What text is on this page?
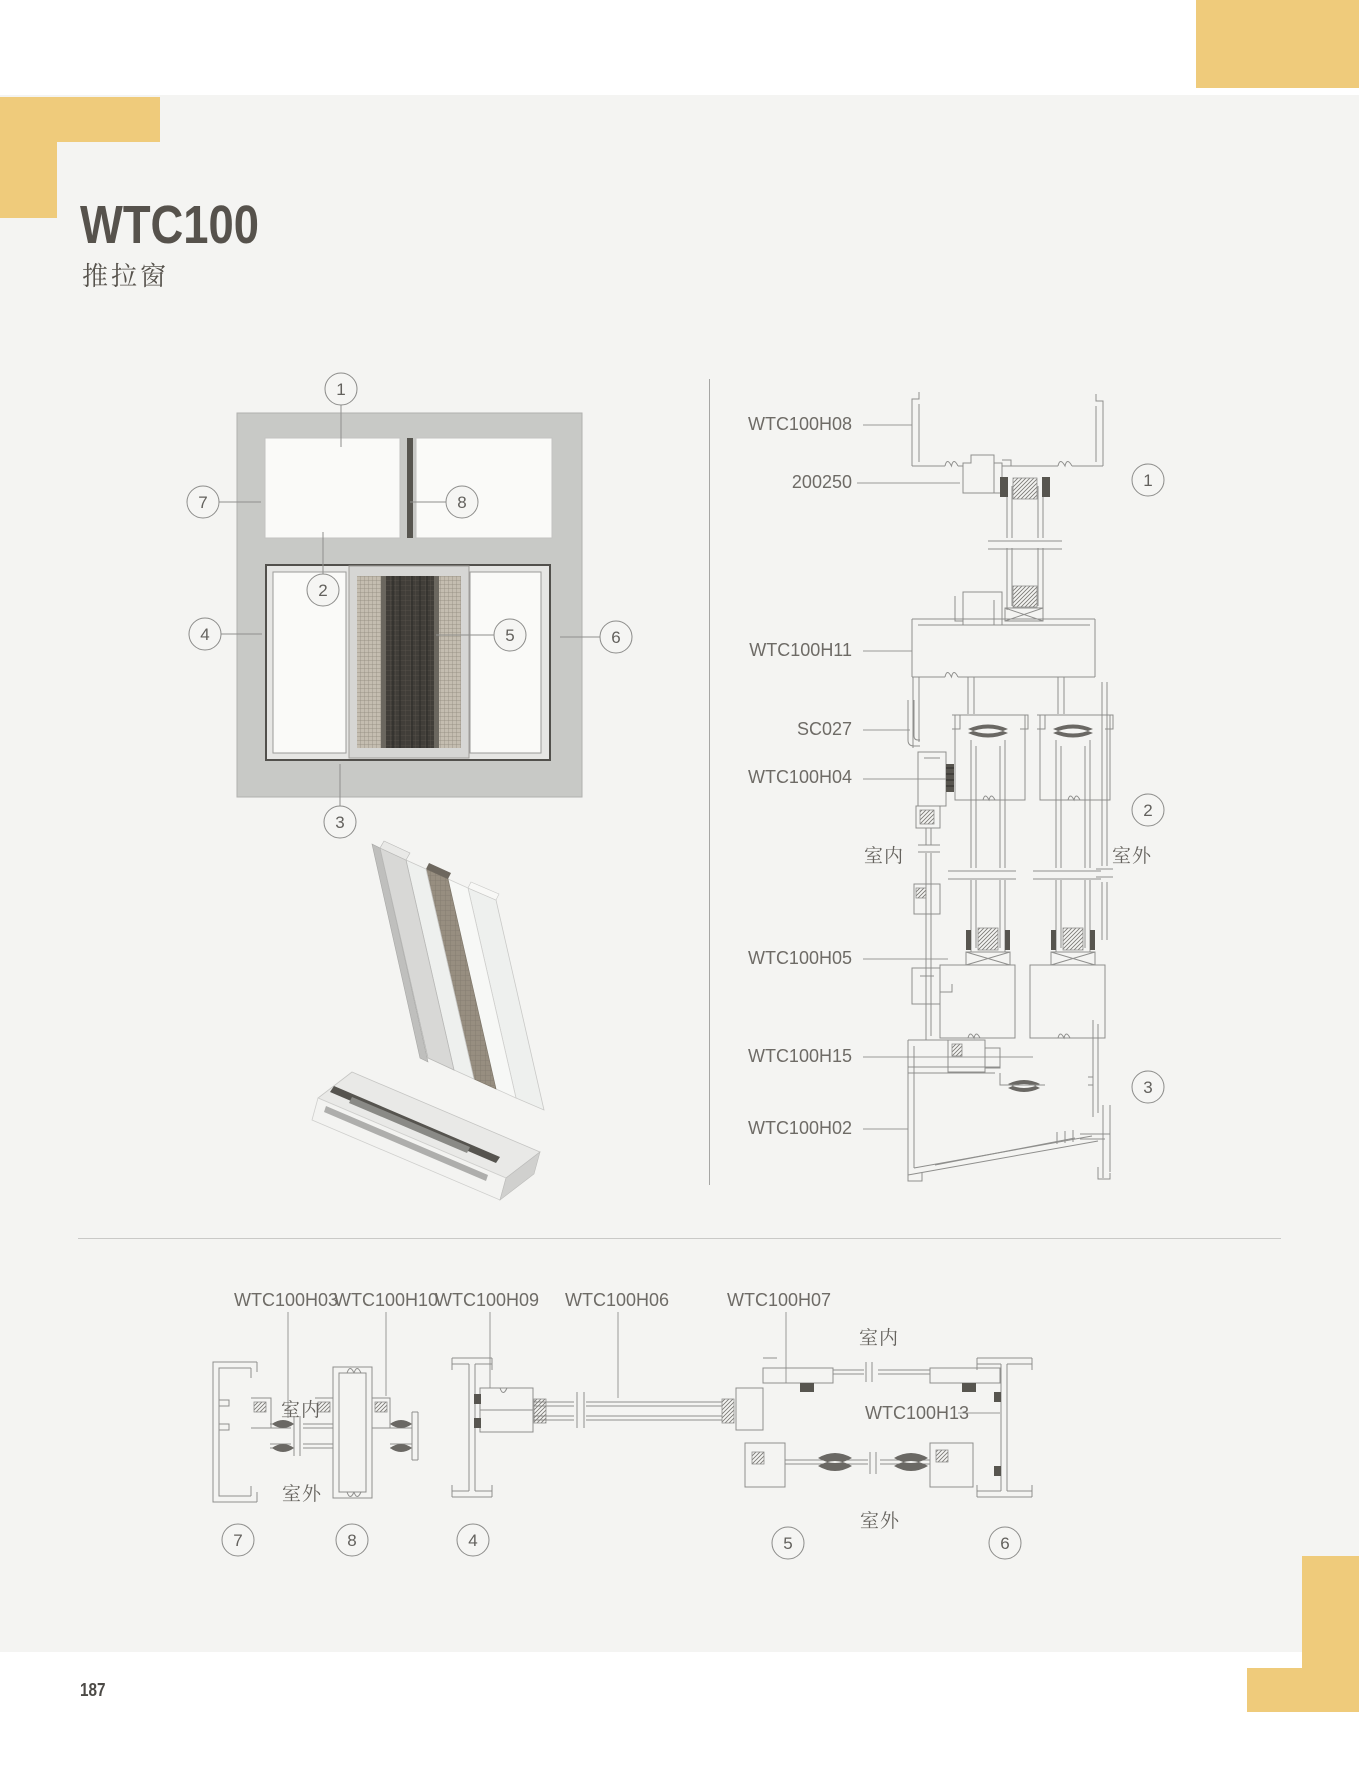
WTC100
推拉窗
187
1
7	8
2
4	5	6
3
1
2
3
WTC100H08
200250
WTC100H11
SC027
WTC100H04
WTC100H05
WTC100H15
WTC100H02
室内	室外
7	8	4	5	6
WTC100H03
WTC100H10
WTC100H09 WTC100H06	WTC100H07
WTC100H13
室内
室外
室内
室外
